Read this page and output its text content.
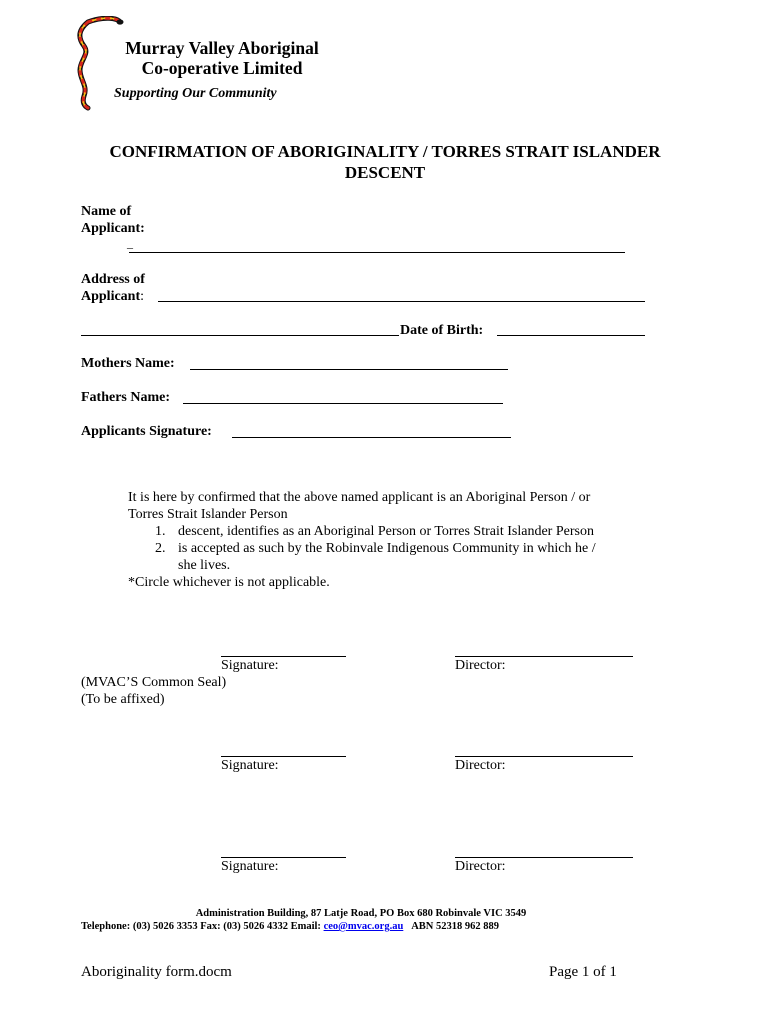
Murray Valley Aboriginal
Co-operative Limited
Supporting Our Community
CONFIRMATION OF ABORIGINALITY / TORRES STRAIT ISLANDER
DESCENT
Name of
Applicant:
_
Address of
Applicant:
Date of Birth:
Mothers Name:
Fathers Name:
Applicants Signature:
It is here by confirmed that the above named applicant is an Aboriginal Person / or
Torres Strait Islander Person
1. descent, identifies as an Aboriginal Person or Torres Strait Islander Person
2. is accepted as such by the Robinvale Indigenous Community in which he /
she lives.
*Circle whichever is not applicable.
Signature:	Director:
(MVAC’S Common Seal)
(To be affixed)
Signature:	Director:
Signature:	Director:
Administration Building, 87 Latje Road, PO Box 680 Robinvale VIC 3549
Telephone: (03) 5026 3353 Fax: (03) 5026 4332 Email: ceo@mvac.org.au ABN 52318 962 889
Aboriginality form.docm	Page 1 of 1
